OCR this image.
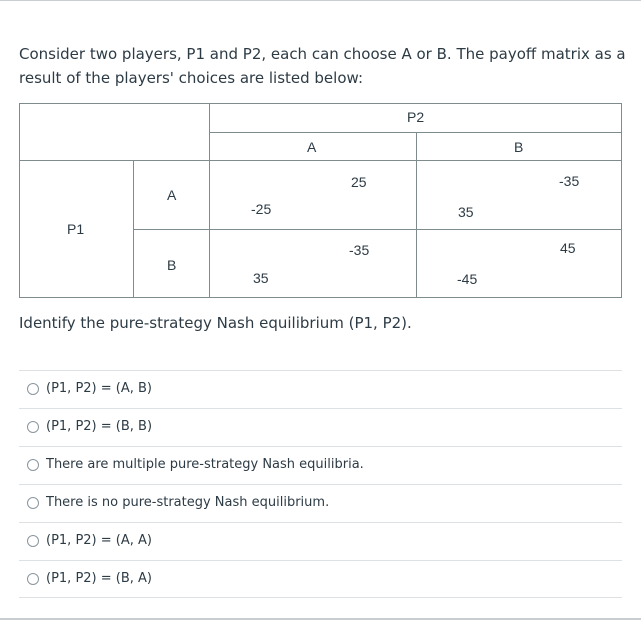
Consider two players, P1 and P2, each can choose A or B. The payoff matrix as a result of the players' choices are listed below:
P2
A	B
P1
A
B
25
-25
-35
35
-35
35
45
-45
Identify the pure-strategy Nash equilibrium (P1, P2).
(P1, P2) = (A, B)
(P1, P2) = (B, B)
There are multiple pure-strategy Nash equilibria.
There is no pure-strategy Nash equilibrium.
(P1, P2) = (A, A)
(P1, P2) = (B, A)
